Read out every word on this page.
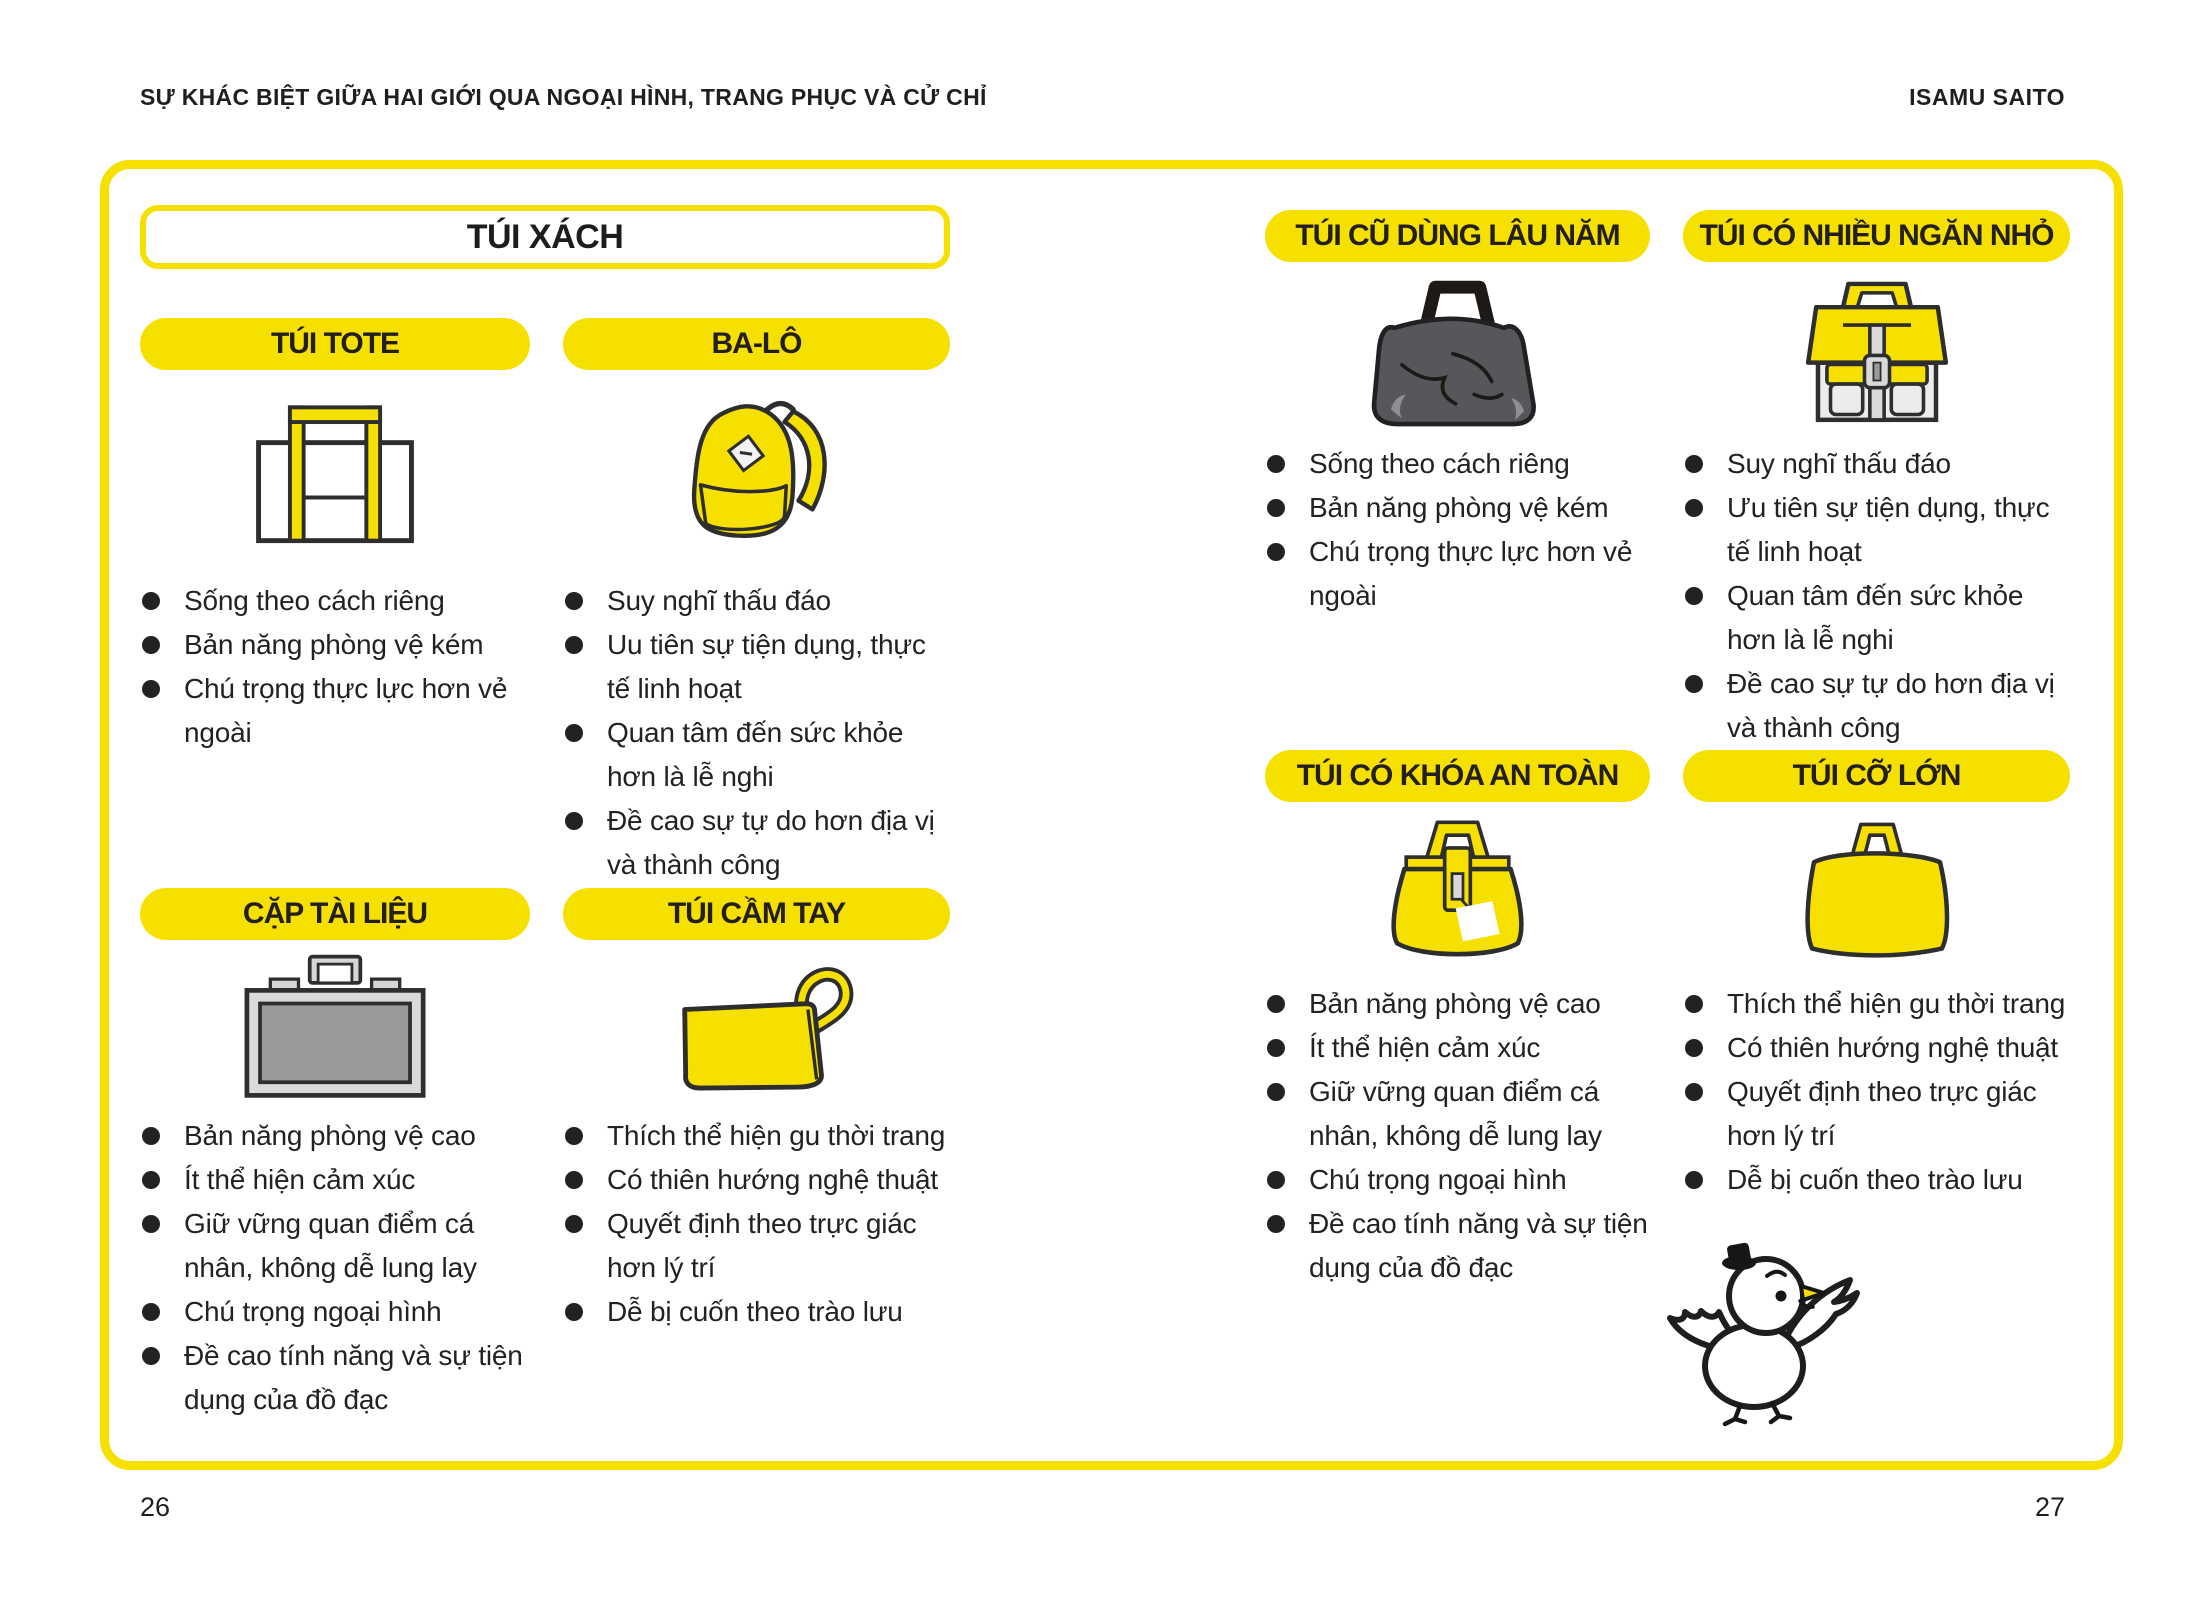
SỰ KHÁC BIỆT GIỮA HAI GIỚI QUA NGOẠI HÌNH, TRANG PHỤC VÀ CỬ CHỈ	ISAMU SAITO
TÚI XÁCH
TÚI TOTE
Sống theo cách riêng
Bản năng phòng vệ kém
Chú trọng thực lực hơn vẻ ngoài
BA-LÔ
Suy nghĩ thấu đáo
Uu tiên sự tiện dụng, thực tế linh hoạt
Quan tâm đến sức khỏe hơn là lễ nghi
Đề cao sự tự do hơn địa vị và thành công
CẶP TÀI LIỆU
Bản năng phòng vệ cao
Ít thể hiện cảm xúc
Giữ vững quan điểm cá nhân, không dễ lung lay
Chú trọng ngoại hình
Đề cao tính năng và sự tiện dụng của đồ đạc
TÚI CẦM TAY
Thích thể hiện gu thời trang
Có thiên hướng nghệ thuật
Quyết định theo trực giác hơn lý trí
Dễ bị cuốn theo trào lưu
TÚI CŨ DÙNG LÂU NĂM
Sống theo cách riêng
Bản năng phòng vệ kém
Chú trọng thực lực hơn vẻ ngoài
TÚI CÓ NHIỀU NGĂN NHỎ
Suy nghĩ thấu đáo
Ưu tiên sự tiện dụng, thực tế linh hoạt
Quan tâm đến sức khỏe hơn là lễ nghi
Đề cao sự tự do hơn địa vị và thành công
TÚI CÓ KHÓA AN TOÀN
Bản năng phòng vệ cao
Ít thể hiện cảm xúc
Giữ vững quan điểm cá nhân, không dễ lung lay
Chú trọng ngoại hình
Đề cao tính năng và sự tiện dụng của đồ đạc
TÚI CỠ LỚN
Thích thể hiện gu thời trang
Có thiên hướng nghệ thuật
Quyết định theo trực giác hơn lý trí
Dễ bị cuốn theo trào lưu
26	27
